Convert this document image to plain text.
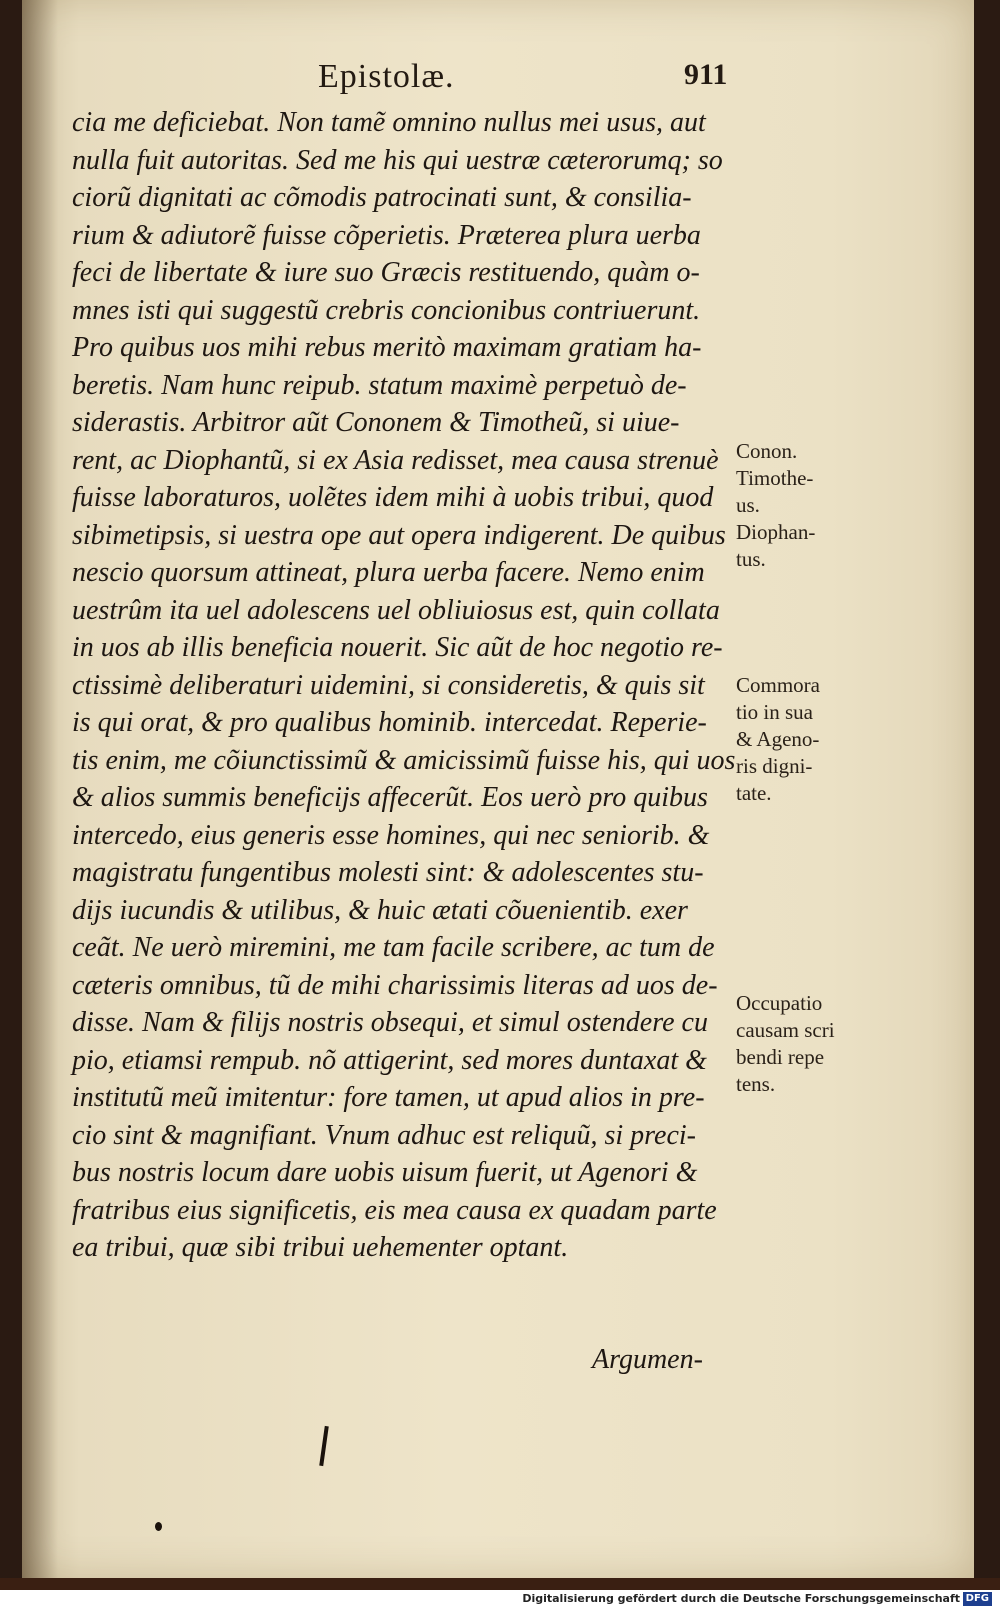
Epistolæ.	911
cia me deficiebat. Non tamẽ omnino nullus mei usus, aut
nulla fuit autoritas. Sed me his qui uestræ cæterorumq; so
ciorũ dignitati ac cõmodis patrocinati sunt, & consilia-
rium & adiutorẽ fuisse cõperietis. Præterea plura uerba
feci de libertate & iure suo Græcis restituendo, quàm o-
mnes isti qui suggestũ crebris concionibus contriuerunt.
Pro quibus uos mihi rebus meritò maximam gratiam ha-
beretis. Nam hunc reipub. statum maximè perpetuò de-
siderastis. Arbitror aũt Cononem & Timotheũ, si uiue-
rent, ac Diophantũ, si ex Asia redisset, mea causa strenuè
fuisse laboraturos, uolẽtes idem mihi à uobis tribui, quod
sibimetipsis, si uestra ope aut opera indigerent. De quibus
nescio quorsum attineat, plura uerba facere. Nemo enim
uestrûm ita uel adolescens uel obliuiosus est, quin collata
in uos ab illis beneficia nouerit. Sic aũt de hoc negotio re-
ctissimè deliberaturi uidemini, si consideretis, & quis sit
is qui orat, & pro qualibus hominib. intercedat. Reperie-
tis enim, me cõiunctissimũ & amicissimũ fuisse his, qui uos
& alios summis beneficijs affecerũt. Eos uerò pro quibus
intercedo, eius generis esse homines, qui nec seniorib. &
magistratu fungentibus molesti sint: & adolescentes stu-
dijs iucundis & utilibus, & huic ætati cõuenientib. exer
ceãt. Ne uerò miremini, me tam facile scribere, ac tum de
cæteris omnibus, tũ de mihi charissimis literas ad uos de-
disse. Nam & filijs nostris obsequi, et simul ostendere cu
pio, etiamsi rempub. nõ attigerint, sed mores duntaxat &
institutũ meũ imitentur: fore tamen, ut apud alios in pre-
cio sint & magnifiant. Vnum adhuc est reliquũ, si preci-
bus nostris locum dare uobis uisum fuerit, ut Agenori &
fratribus eius significetis, eis mea causa ex quadam parte
ea tribui, quæ sibi tribui uehementer optant.
Argumen-
Conon.
Timothe-
us.
Diophan-
tus.
Commora
tio in sua
& Ageno-
ris digni-
tate.
Occupatio
causam scri
bendi repe
tens.
Digitalisierung gefördert durch die Deutsche Forschungsgemeinschaft DFG
